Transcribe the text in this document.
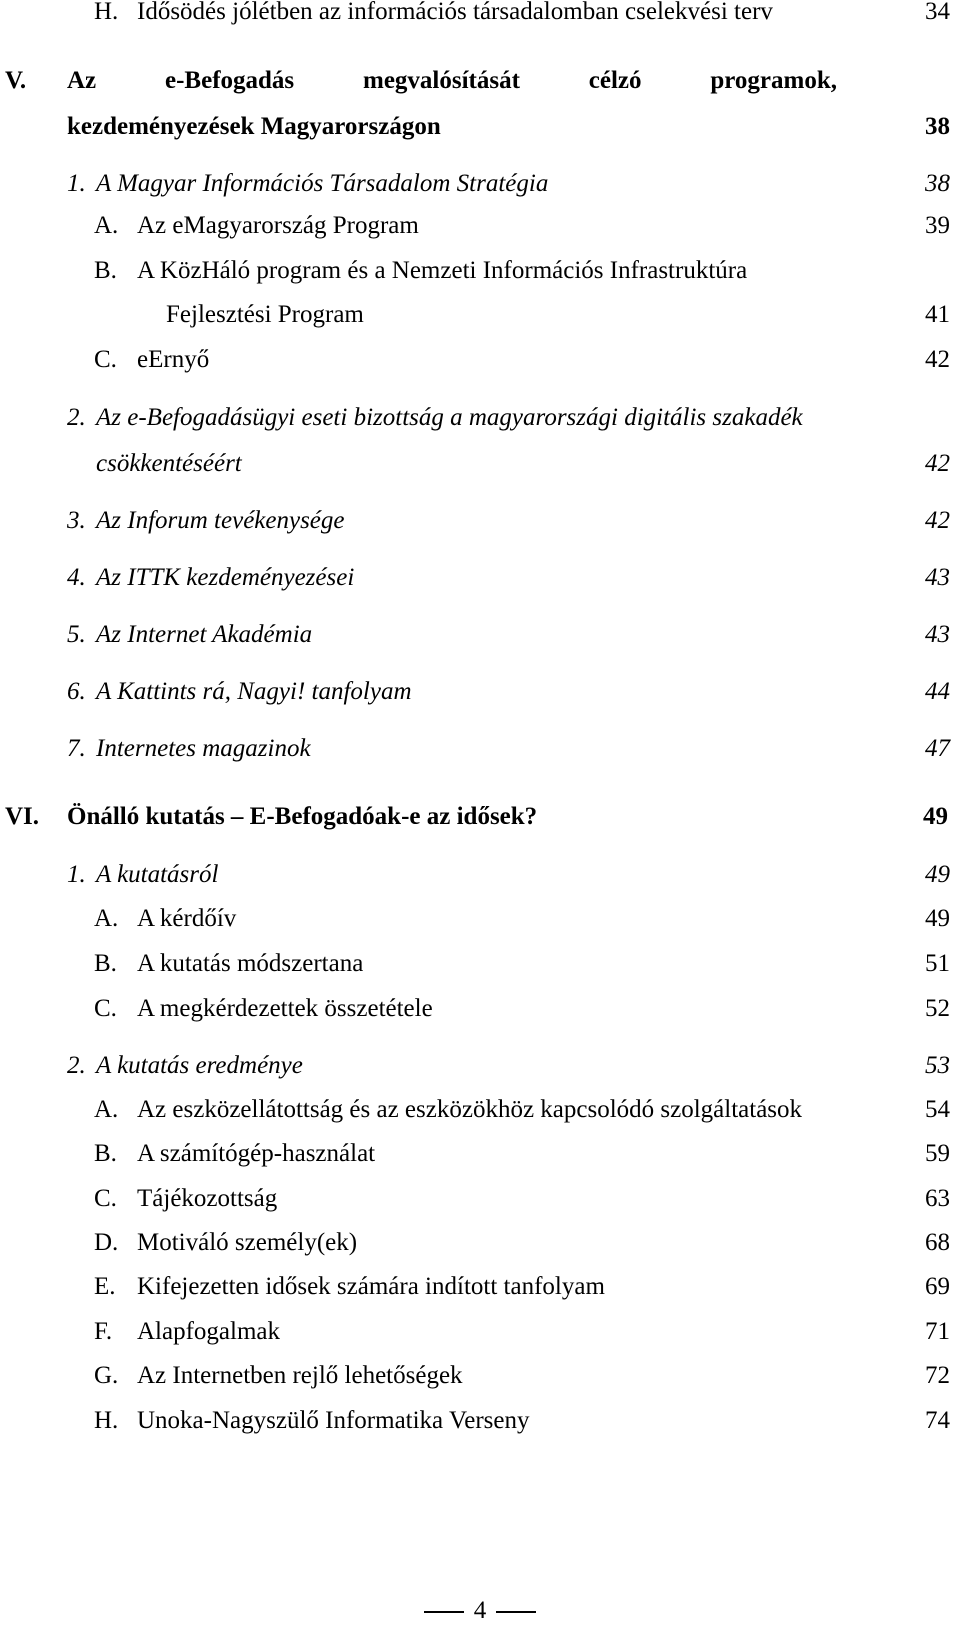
H. Idősödés jólétben az információs társadalomban cselekvési terv	34
V. Az e-Befogadás megvalósítását célzó programok,
kezdeményezések Magyarországon	38
1. A Magyar Információs Társadalom Stratégia	38
A. Az eMagyarország Program	39
B. A KözHáló program és a Nemzeti Információs Infrastruktúra
Fejlesztési Program	41
C. eErnyő	42
2. Az e-Befogadásügyi eseti bizottság a magyarországi digitális szakadék
csökkentéséért	42
3. Az Inforum tevékenysége	42
4. Az ITTK kezdeményezései	43
5. Az Internet Akadémia	43
6. A Kattints rá, Nagyi! tanfolyam	44
7. Internetes magazinok	47
VI. Önálló kutatás – E-Befogadóak-e az idősek?	49
1. A kutatásról	49
A. A kérdőív	49
B. A kutatás módszertana	51
C. A megkérdezettek összetétele	52
2. A kutatás eredménye	53
A. Az eszközellátottság és az eszközökhöz kapcsolódó szolgáltatások	54
B. A számítógép-használat	59
C. Tájékozottság	63
D. Motiváló személy(ek)	68
E. Kifejezetten idősek számára indított tanfolyam	69
F. Alapfogalmak	71
G. Az Internetben rejlő lehetőségek	72
H. Unoka-Nagyszülő Informatika Verseny	74
4
